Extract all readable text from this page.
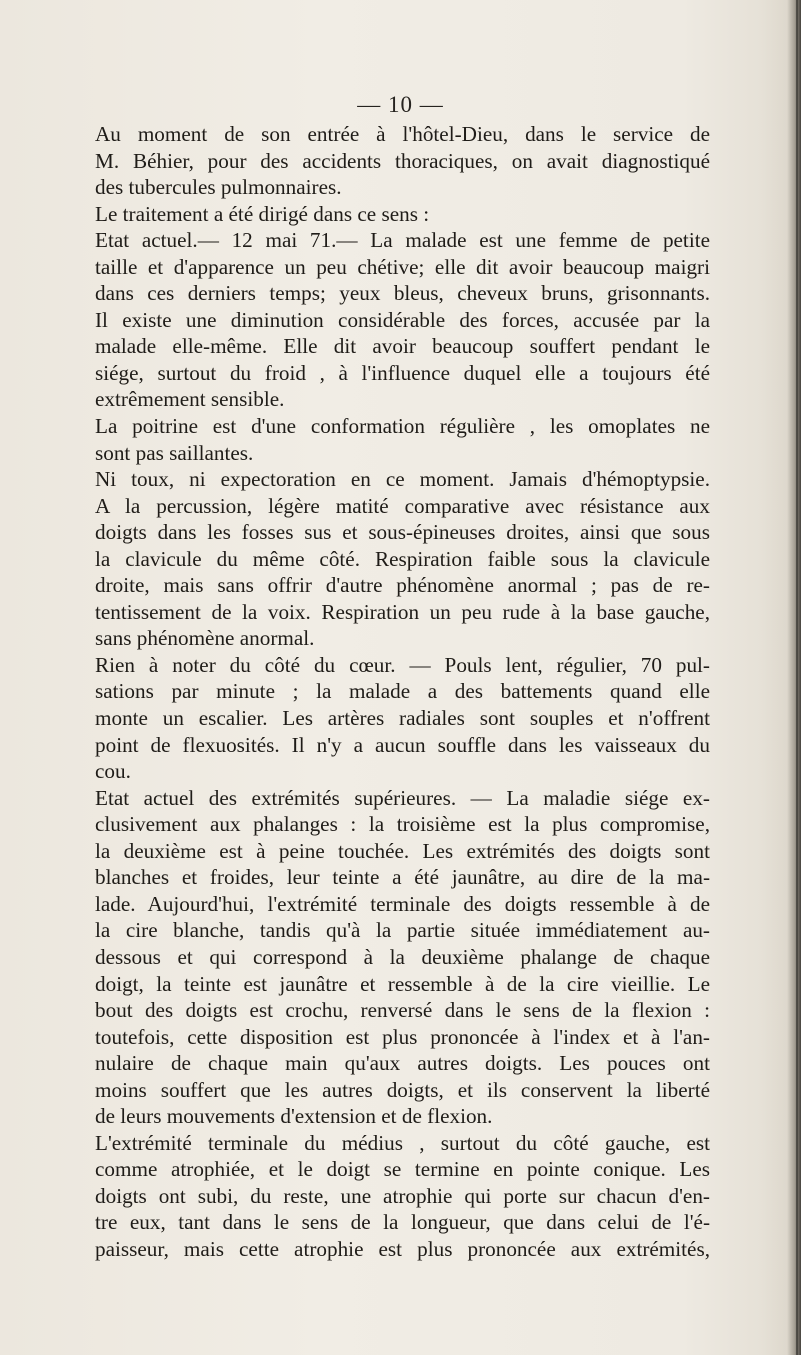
— 10 —
Au moment de son entrée à l'hôtel-Dieu, dans le service de
M. Béhier, pour des accidents thoraciques, on avait diagnostiqué
des tubercules pulmonnaires.
Le traitement a été dirigé dans ce sens :
Etat actuel.— 12 mai 71.— La malade est une femme de petite
taille et d'apparence un peu chétive; elle dit avoir beaucoup maigri
dans ces derniers temps; yeux bleus, cheveux bruns, grisonnants.
Il existe une diminution considérable des forces, accusée par la
malade elle-même. Elle dit avoir beaucoup souffert pendant le
siége, surtout du froid , à l'influence duquel elle a toujours été
extrêmement sensible.
La poitrine est d'une conformation régulière , les omoplates ne
sont pas saillantes.
Ni toux, ni expectoration en ce moment. Jamais d'hémoptypsie.
A la percussion, légère matité comparative avec résistance aux
doigts dans les fosses sus et sous-épineuses droites, ainsi que sous
la clavicule du même côté. Respiration faible sous la clavicule
droite, mais sans offrir d'autre phénomène anormal ; pas de re-
tentissement de la voix. Respiration un peu rude à la base gauche,
sans phénomène anormal.
Rien à noter du côté du cœur. — Pouls lent, régulier, 70 pul-
sations par minute ; la malade a des battements quand elle
monte un escalier. Les artères radiales sont souples et n'offrent
point de flexuosités. Il n'y a aucun souffle dans les vaisseaux du
cou.
Etat actuel des extrémités supérieures. — La maladie siége ex-
clusivement aux phalanges : la troisième est la plus compromise,
la deuxième est à peine touchée. Les extrémités des doigts sont
blanches et froides, leur teinte a été jaunâtre, au dire de la ma-
lade. Aujourd'hui, l'extrémité terminale des doigts ressemble à de
la cire blanche, tandis qu'à la partie située immédiatement au-
dessous et qui correspond à la deuxième phalange de chaque
doigt, la teinte est jaunâtre et ressemble à de la cire vieillie. Le
bout des doigts est crochu, renversé dans le sens de la flexion :
toutefois, cette disposition est plus prononcée à l'index et à l'an-
nulaire de chaque main qu'aux autres doigts. Les pouces ont
moins souffert que les autres doigts, et ils conservent la liberté
de leurs mouvements d'extension et de flexion.
L'extrémité terminale du médius , surtout du côté gauche, est
comme atrophiée, et le doigt se termine en pointe conique. Les
doigts ont subi, du reste, une atrophie qui porte sur chacun d'en-
tre eux, tant dans le sens de la longueur, que dans celui de l'é-
paisseur, mais cette atrophie est plus prononcée aux extrémités,
